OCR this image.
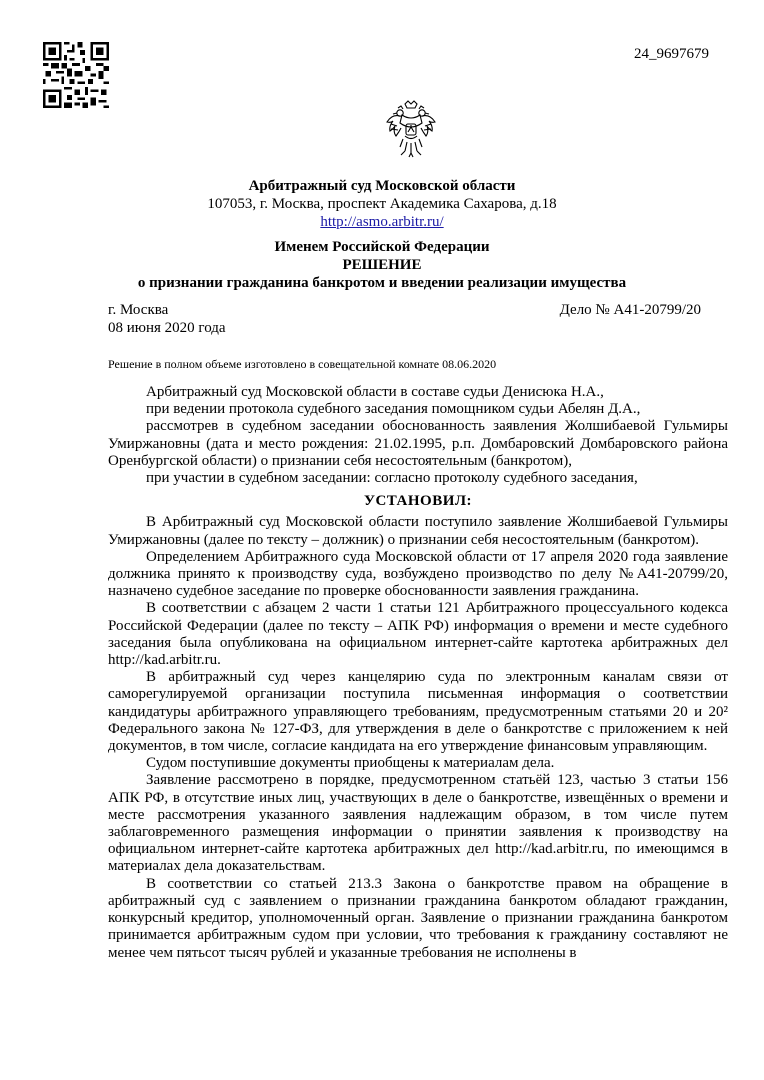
24_9697679
Арбитражный суд Московской области
107053, г. Москва, проспект Академика Сахарова, д.18
http://asmo.arbitr.ru/
Именем Российской Федерации
РЕШЕНИЕ
о признании гражданина банкротом и введении реализации имущества
г. Москва	Дело № А41-20799/20
08 июня 2020 года
Решение в полном объеме изготовлено в совещательной комнате 08.06.2020

Арбитражный суд Московской области в составе судьи Денисюка Н.А.,

при ведении протокола судебного заседания помощником судьи Абелян Д.А.,

рассмотрев в судебном заседании обоснованность заявления Жолшибаевой Гульмиры Умиржановны (дата и место рождения: 21.02.1995, р.п. Домбаровский Домбаровского района Оренбургской области) о признании себя несостоятельным (банкротом),

при участии в судебном заседании: согласно протоколу судебного заседания,

УСТАНОВИЛ:

В Арбитражный суд Московской области поступило заявление Жолшибаевой Гульмиры Умиржановны (далее по тексту – должник) о признании себя несостоятельным (банкротом).

Определением Арбитражного суда Московской области от 17 апреля 2020 года заявление должника принято к производству суда, возбуждено производство по делу №А41-20799/20, назначено судебное заседание по проверке обоснованности заявления гражданина.

В соответствии с абзацем 2 части 1 статьи 121 Арбитражного процессуального кодекса Российской Федерации (далее по тексту – АПК РФ) информация о времени и месте судебного заседания была опубликована на официальном интернет-сайте картотека арбитражных дел http://kad.arbitr.ru.

В арбитражный суд через канцелярию суда по электронным каналам связи от саморегулируемой организации поступила письменная информация о соответствии кандидатуры арбитражного управляющего требованиям, предусмотренным статьями 20 и 20² Федерального закона № 127-ФЗ, для утверждения в деле о банкротстве с приложением к ней документов, в том числе, согласие кандидата на его утверждение финансовым управляющим.

Судом поступившие документы приобщены к материалам дела.

Заявление рассмотрено в порядке, предусмотренном статьёй 123, частью 3 статьи 156 АПК РФ, в отсутствие иных лиц, участвующих в деле о банкротстве, извещённых о времени и месте рассмотрения указанного заявления надлежащим образом, в том числе путем заблаговременного размещения информации о принятии заявления к производству на официальном интернет-сайте картотека арбитражных дел http://kad.arbitr.ru, по имеющимся в материалах дела доказательствам.

В соответствии со статьей 213.3 Закона о банкротстве правом на обращение в арбитражный суд с заявлением о признании гражданина банкротом обладают гражданин, конкурсный кредитор, уполномоченный орган. Заявление о признании гражданина банкротом принимается арбитражным судом при условии, что требования к гражданину составляют не менее чем пятьсот тысяч рублей и указанные требования не исполнены в
